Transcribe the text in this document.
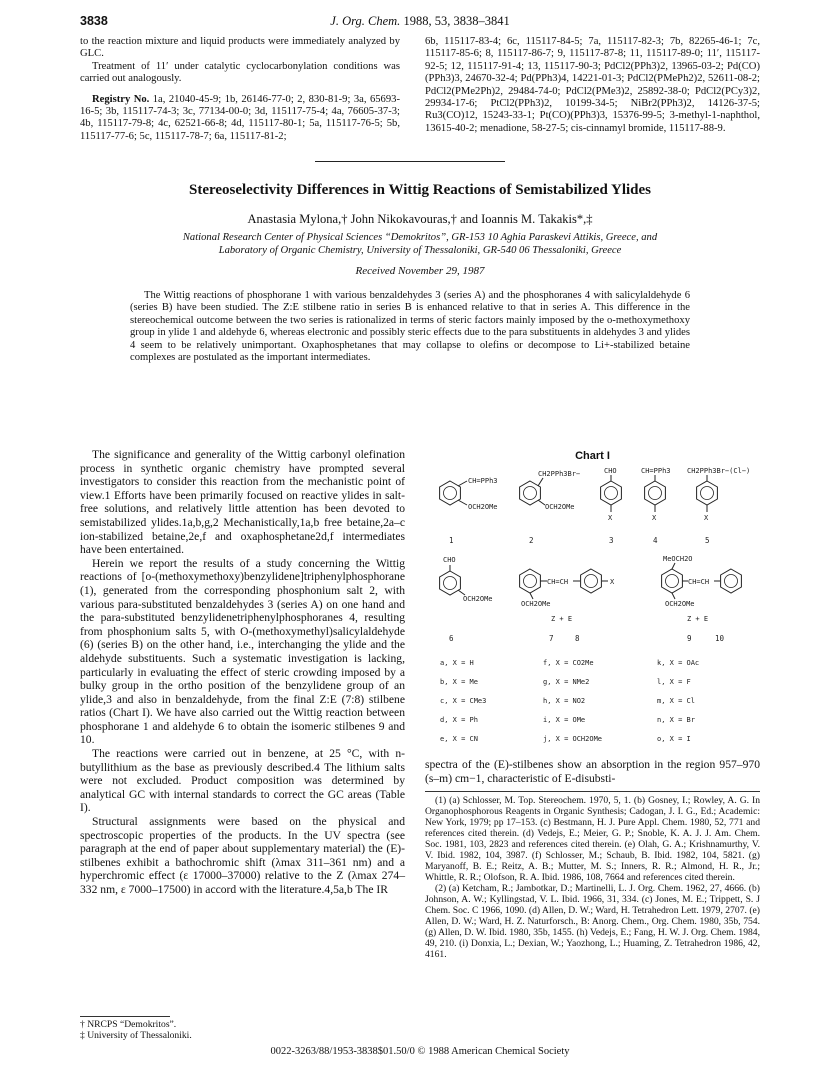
3838	J. Org. Chem. 1988, 53, 3838–3841

to the reaction mixture and liquid products were immediately analyzed by GLC.

Treatment of 11′ under catalytic cyclocarbonylation conditions was carried out analogously.

Registry No. 1a, 21040-45-9; 1b, 26146-77-0; 2, 830-81-9; 3a, 65693-16-5; 3b, 115117-74-3; 3c, 77134-00-0; 3d, 115117-75-4; 4a, 76605-37-3; 4b, 115117-79-8; 4c, 62521-66-8; 4d, 115117-80-1; 5a, 115117-76-5; 5b, 115117-77-6; 5c, 115117-78-7; 6a, 115117-81-2;

6b, 115117-83-4; 6c, 115117-84-5; 7a, 115117-82-3; 7b, 82265-46-1; 7c, 115117-85-6; 8, 115117-86-7; 9, 115117-87-8; 11, 115117-89-0; 11′, 115117-92-5; 12, 115117-91-4; 13, 115117-90-3; PdCl2(PPh3)2, 13965-03-2; Pd(CO)(PPh3)3, 24670-32-4; Pd(PPh3)4, 14221-01-3; PdCl2(PMePh2)2, 52611-08-2; PdCl2(PMe2Ph)2, 29484-74-0; PdCl2(PMe3)2, 25892-38-0; PdCl2(PCy3)2, 29934-17-6; PtCl2(PPh3)2, 10199-34-5; NiBr2(PPh3)2, 14126-37-5; Ru3(CO)12, 15243-33-1; Pt(CO)(PPh3)3, 15376-99-5; 3-methyl-1-naphthol, 13615-40-2; menadione, 58-27-5; cis-cinnamyl bromide, 115117-88-9.

Stereoselectivity Differences in Wittig Reactions of Semistabilized Ylides
Anastasia Mylona,† John Nikokavouras,† and Ioannis M. Takakis*,‡
National Research Center of Physical Sciences “Demokritos”, GR-153 10 Aghia Paraskevi Attikis, Greece, and
Laboratory of Organic Chemistry, University of Thessaloniki, GR-540 06 Thessaloniki, Greece
Received November 29, 1987
The Wittig reactions of phosphorane 1 with various benzaldehydes 3 (series A) and the phosphoranes 4 with salicylaldehyde 6 (series B) have been studied. The Z:E stilbene ratio in series B is enhanced relative to that in series A. This difference in the stereochemical outcome between the two series is rationalized in terms of steric factors mainly imposed by the o-methoxymethoxy group in ylide 1 and aldehyde 6, whereas electronic and possibly steric effects due to the para substituents in aldehydes 3 and ylides 4 seem to be relatively unimportant. Oxaphosphetanes that may collapse to olefins or decompose to Li+-stabilized betaine complexes are postulated as the important intermediates.

The significance and generality of the Wittig carbonyl olefination process in synthetic organic chemistry have prompted several investigators to consider this reaction from the mechanistic point of view.1 Efforts have been primarily focused on reactive ylides in salt-free solutions, and relatively little attention has been devoted to semistabilized ylides.1a,b,g,2 Mechanistically,1a,b free betaine,2a–c ion-stabilized betaine,2e,f and oxaphosphetane2d,f intermediates have been entertained.

Herein we report the results of a study concerning the Wittig reactions of [o-(methoxymethoxy)benzylidene]triphenylphosphorane (1), generated from the corresponding phosphonium salt 2, with various para-substituted benzaldehydes 3 (series A) on one hand and the para-substituted benzylidenetriphenylphosphoranes 4, resulting from phosphonium salts 5, with O-(methoxymethyl)salicylaldehyde (6) (series B) on the other hand, i.e., interchanging the ylide and the aldehyde substituents. Such a systematic investigation is lacking, particularly in evaluating the effect of steric crowding imposed by a bulky group in the ortho position of the benzylidene group of an ylide,3 and also in benzaldehyde, from the final Z:E (7:8) stilbene ratios (Chart I). We have also carried out the Wittig reaction between phosphorane 1 and aldehyde 6 to obtain the isomeric stilbenes 9 and 10.

The reactions were carried out in benzene, at 25 °C, with n-butyllithium as the base as previously described.4 The lithium salts were not excluded. Product composition was determined by analytical GC with internal standards to correct the GC areas (Table I).

Structural assignments were based on the physical and spectroscopic properties of the products. In the UV spectra (see paragraph at the end of paper about supplementary material) the (E)-stilbenes exhibit a bathochromic shift (λmax 311–361 nm) and a hyperchromic effect (ε 17000–37000) relative to the Z (λmax 274–332 nm, ε 7000–17500) in accord with the literature.4,5a,b The IR

† NRCPS “Demokritos”.
‡ University of Thessaloniki.
Chart I
CH=PPh3
OCH2OMe
CH2PPh3Br−
OCH2OMe
CHO
X
CH=PPh3
X
CH2PPh3Br−(Cl−)
X
1	2	3	4	5
CHO
OCH2OMe
CH=CH	X
OCH2OMe
Z + E
CH=CH
MeOCH2O
OCH2OMe
Z + E
6	7	8	9	10
a, X = H
b, X = Me
c, X = CMe3
d, X = Ph
e, X = CN
f, X = CO2Me
g, X = NMe2
h, X = NO2
i, X = OMe
j, X = OCH2OMe
k, X = OAc
l, X = F
m, X = Cl
n, X = Br
o, X = I
spectra of the (E)-stilbenes show an absorption in the region 957–970 (s–m) cm−1, characteristic of E-disubsti-

(1) (a) Schlosser, M. Top. Stereochem. 1970, 5, 1. (b) Gosney, I.; Rowley, A. G. In Organophosphorous Reagents in Organic Synthesis; Cadogan, J. I. G., Ed.; Academic: New York, 1979; pp 17–153. (c) Bestmann, H. J. Pure Appl. Chem. 1980, 52, 771 and references cited therein. (d) Vedejs, E.; Meier, G. P.; Snoble, K. A. J. J. Am. Chem. Soc. 1981, 103, 2823 and references cited therein. (e) Olah, G. A.; Krishnamurthy, V. V. Ibid. 1982, 104, 3987. (f) Schlosser, M.; Schaub, B. Ibid. 1982, 104, 5821. (g) Maryanoff, B. E.; Reitz, A. B.; Mutter, M. S.; Inners, R. R.; Almond, H. R., Jr.; Whittle, R. R.; Olofson, R. A. Ibid. 1986, 108, 7664 and references cited therein.

(2) (a) Ketcham, R.; Jambotkar, D.; Martinelli, L. J. Org. Chem. 1962, 27, 4666. (b) Johnson, A. W.; Kyllingstad, V. L. Ibid. 1966, 31, 334. (c) Jones, M. E.; Trippett, S. J Chem. Soc. C 1966, 1090. (d) Allen, D. W.; Ward, H. Tetrahedron Lett. 1979, 2707. (e) Allen, D. W.; Ward, H. Z. Naturforsch., B: Anorg. Chem., Org. Chem. 1980, 35b, 754. (g) Allen, D. W. Ibid. 1980, 35b, 1455. (h) Vedejs, E.; Fang, H. W. J. Org. Chem. 1984, 49, 210. (i) Donxia, L.; Dexian, W.; Yaozhong, L.; Huaming, Z. Tetrahedron 1986, 42, 4161.

0022-3263/88/1953-3838$01.50/0 © 1988 American Chemical Society
